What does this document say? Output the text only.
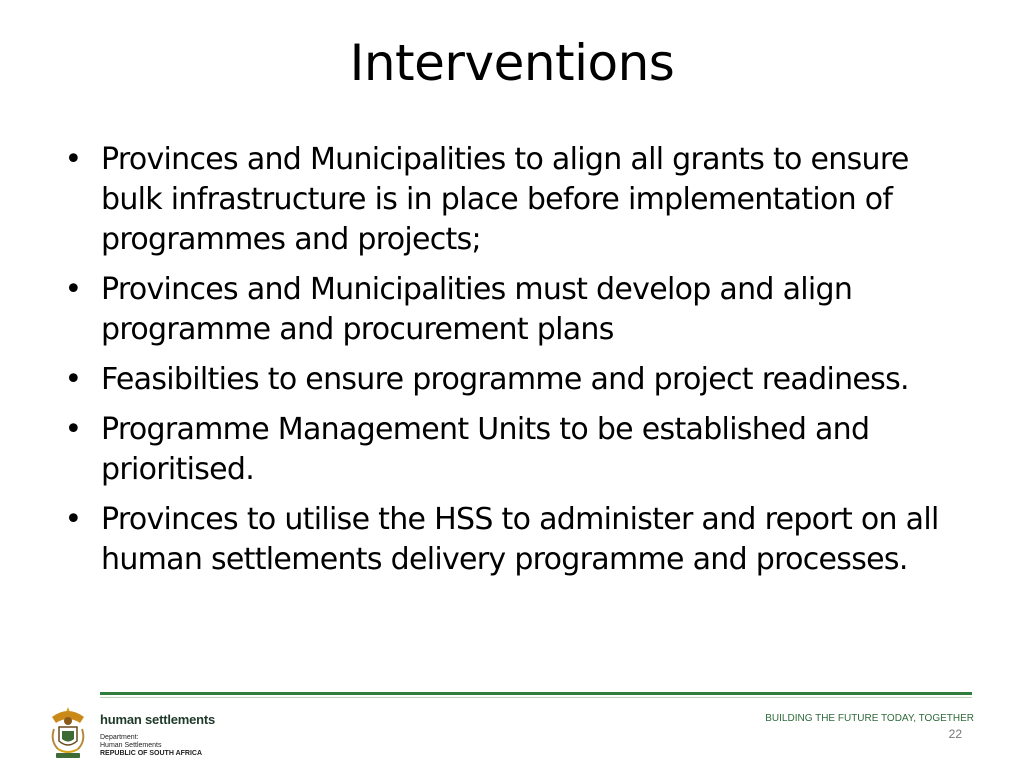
Interventions
• Provinces and Municipalities to align all grants to ensure bulk infrastructure is in place before implementation of programmes and projects;
• Provinces and Municipalities must develop and align programme and procurement plans
• Feasibilties to ensure programme and project readiness.
• Programme Management Units to be established and prioritised.
• Provinces to utilise the HSS to administer and report on all human settlements delivery programme and processes.
human settlements
Department:
Human Settlements
REPUBLIC OF SOUTH AFRICA
BUILDING THE FUTURE TODAY, TOGETHER
22
